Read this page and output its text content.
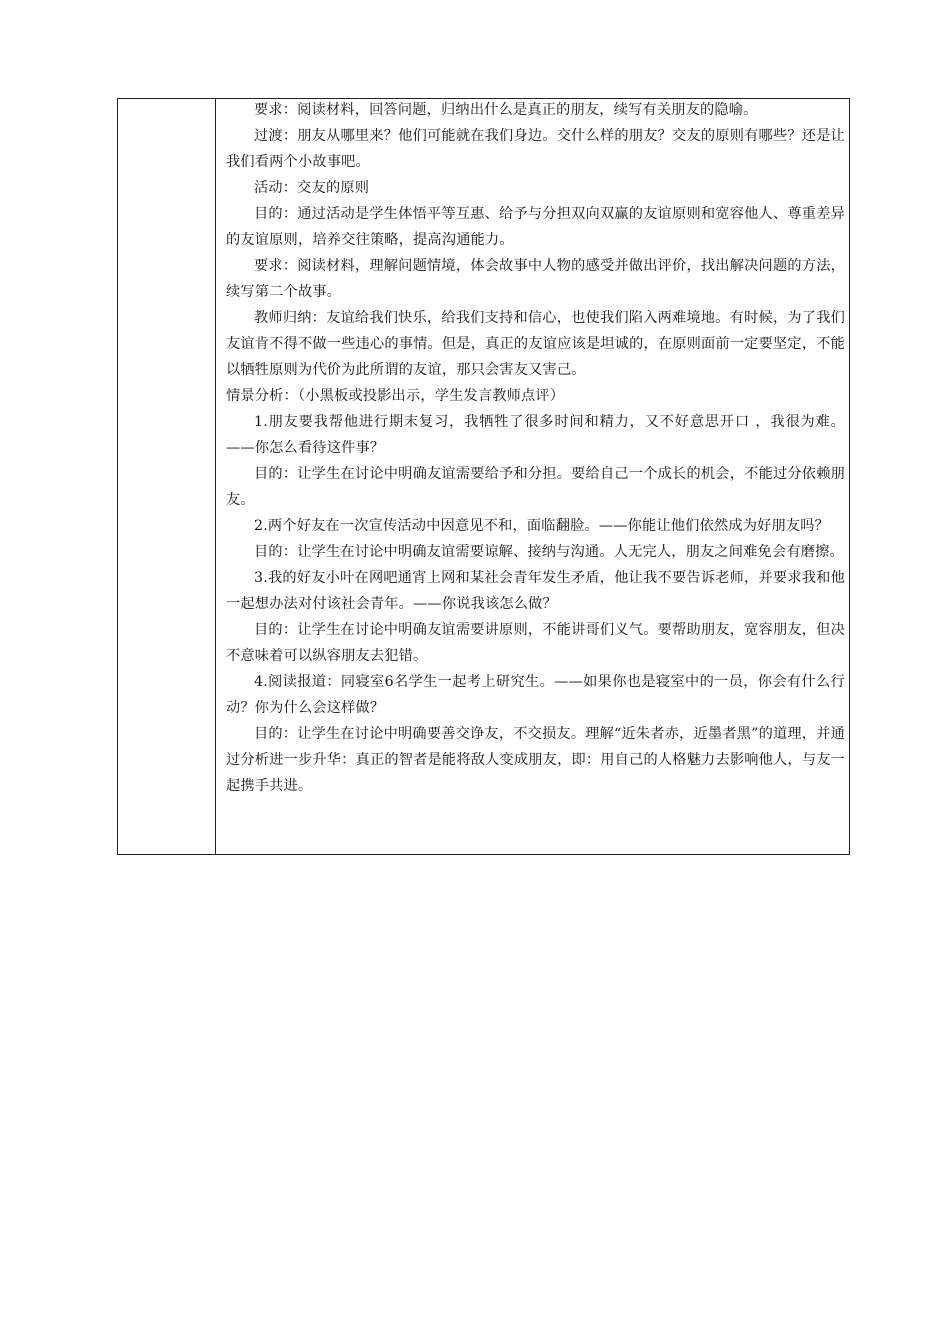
要求：阅读材料，回答问题，归纳出什么是真正的朋友，续写有关朋友的隐喻。

过渡：朋友从哪里来？他们可能就在我们身边。交什么样的朋友？交友的原则有哪些？还是让我们看两个小故事吧。

活动：交友的原则

目的：通过活动是学生体悟平等互惠、给予与分担双向双赢的友谊原则和宽容他人、尊重差异的友谊原则，培养交往策略，提高沟通能力。

要求：阅读材料，理解问题情境，体会故事中人物的感受并做出评价，找出解决问题的方法，续写第二个故事。

教师归纳：友谊给我们快乐，给我们支持和信心，也使我们陷入两难境地。有时候，为了我们友谊肯不得不做一些违心的事情。但是，真正的友谊应该是坦诚的，在原则面前一定要坚定，不能以牺牲原则为代价为此所谓的友谊，那只会害友又害己。

情景分析：（小黑板或投影出示，学生发言教师点评）

1.朋友要我帮他进行期末复习，我牺牲了很多时间和精力，又不好意思开口 ，我很为难。——你怎么看待这件事？

目的：让学生在讨论中明确友谊需要给予和分担。要给自己一个成长的机会，不能过分依赖朋友。

2.两个好友在一次宣传活动中因意见不和，面临翻脸。——你能让他们依然成为好朋友吗？

目的：让学生在讨论中明确友谊需要谅解、接纳与沟通。人无完人，朋友之间难免会有磨擦。

3.我的好友小叶在网吧通宵上网和某社会青年发生矛盾，他让我不要告诉老师，并要求我和他一起想办法对付该社会青年。——你说我该怎么做？

目的：让学生在讨论中明确友谊需要讲原则，不能讲哥们义气。要帮助朋友，宽容朋友，但决不意味着可以纵容朋友去犯错。

4.阅读报道：同寝室6名学生一起考上研究生。——如果你也是寝室中的一员，你会有什么行动？你为什么会这样做？

目的：让学生在讨论中明确要善交诤友，不交损友。理解“近朱者赤，近墨者黑”的道理，并通过分析进一步升华：真正的智者是能将敌人变成朋友，即：用自己的人格魅力去影响他人，与友一起携手共进。
